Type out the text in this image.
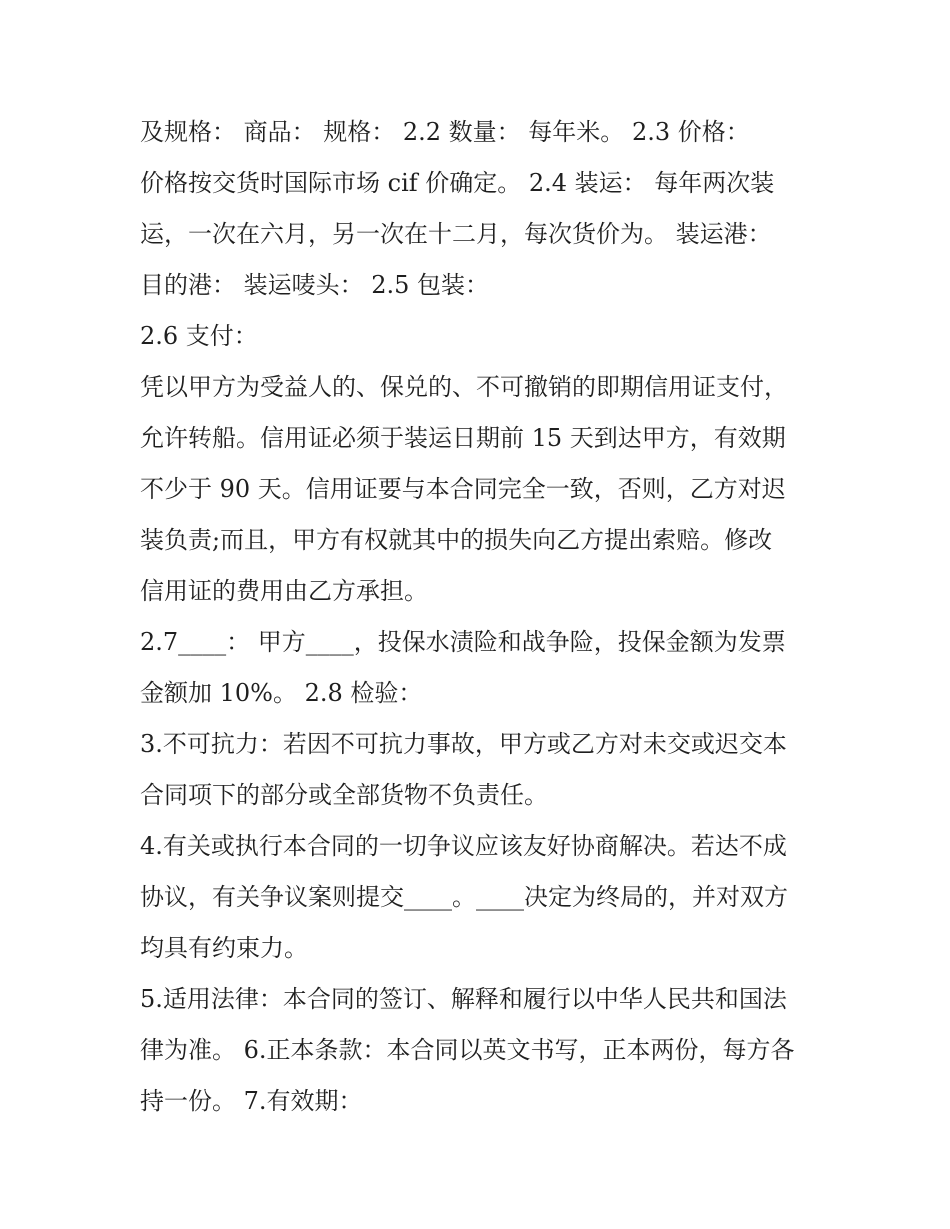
及规格： 商品： 规格： 2.2 数量： 每年米。 2.3 价格：
价格按交货时国际市场 cif 价确定。 2.4 装运： 每年两次装
运，一次在六月，另一次在十二月，每次货价为。 装运港：
目的港： 装运唛头： 2.5 包装：
2.6 支付：
凭以甲方为受益人的、保兑的、不可撤销的即期信用证支付，
允许转船。信用证必须于装运日期前 15 天到达甲方，有效期
不少于 90 天。信用证要与本合同完全一致，否则，乙方对迟
装负责;而且，甲方有权就其中的损失向乙方提出索赔。修改
信用证的费用由乙方承担。
2.7____： 甲方____，投保水渍险和战争险，投保金额为发票
金额加 10%。 2.8 检验：
3.不可抗力：若因不可抗力事故，甲方或乙方对未交或迟交本
合同项下的部分或全部货物不负责任。
4.有关或执行本合同的一切争议应该友好协商解决。若达不成
协议，有关争议案则提交____。____决定为终局的，并对双方
均具有约束力。
5.适用法律：本合同的签订、解释和履行以中华人民共和国法
律为准。 6.正本条款：本合同以英文书写，正本两份，每方各
持一份。 7.有效期：
